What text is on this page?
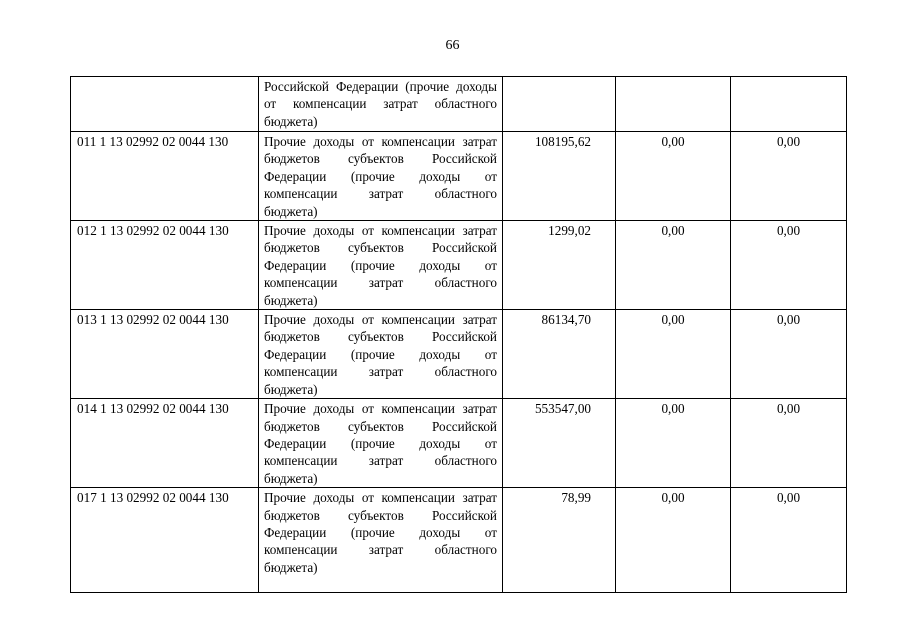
66
	Российской Федерации (прочие доходы от компенсации затрат областного бюджета)			
011 1 13 02992 02 0044 130	Прочие доходы от компенсации затрат бюджетов субъектов Российской Федерации (прочие доходы от компенсации затрат областного бюджета)	108195,62	0,00	0,00
012 1 13 02992 02 0044 130	Прочие доходы от компенсации затрат бюджетов субъектов Российской Федерации (прочие доходы от компенсации затрат областного бюджета)	1299,02	0,00	0,00
013 1 13 02992 02 0044 130	Прочие доходы от компенсации затрат бюджетов субъектов Российской Федерации (прочие доходы от компенсации затрат областного бюджета)	86134,70	0,00	0,00
014 1 13 02992 02 0044 130	Прочие доходы от компенсации затрат бюджетов субъектов Российской Федерации (прочие доходы от компенсации затрат областного бюджета)	553547,00	0,00	0,00
017 1 13 02992 02 0044 130	Прочие доходы от компенсации затрат бюджетов субъектов Российской Федерации (прочие доходы от компенсации затрат областного бюджета)	78,99	0,00	0,00
